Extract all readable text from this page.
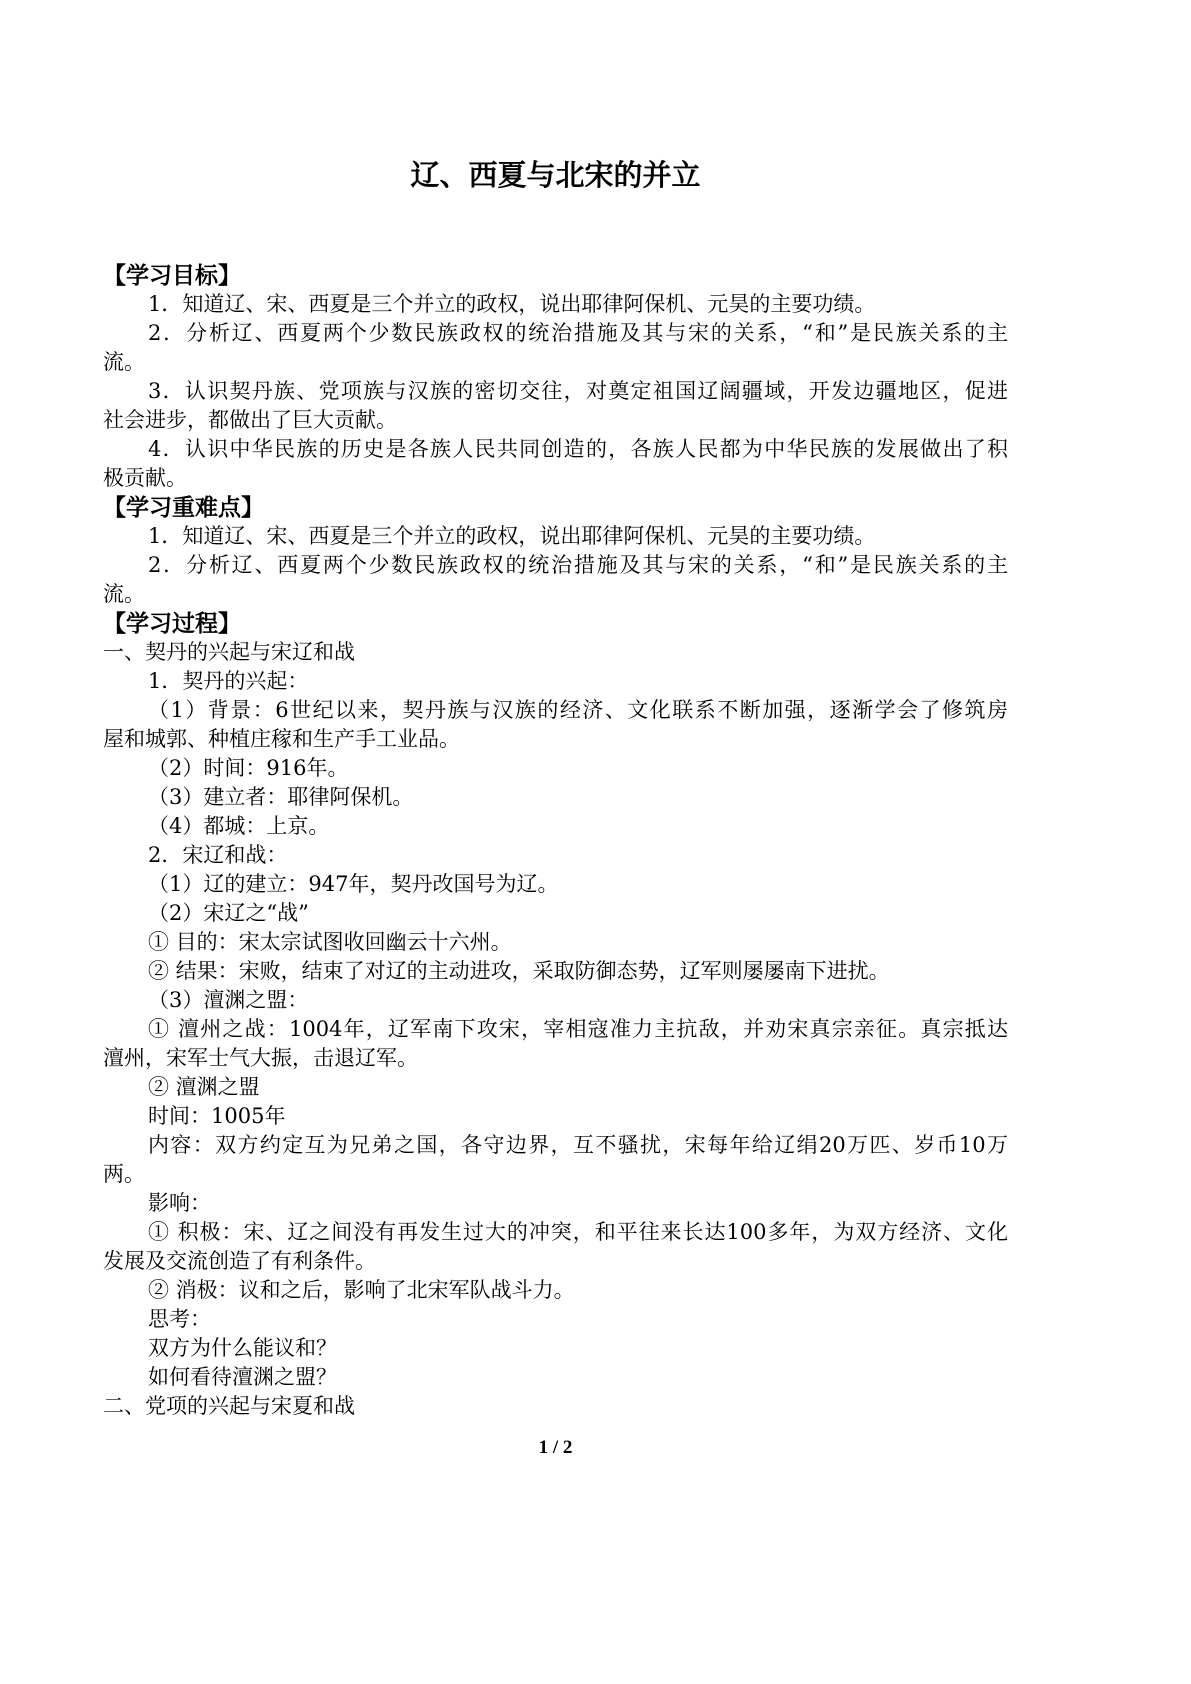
辽、西夏与北宋的并立
【学习目标】
1．知道辽、宋、西夏是三个并立的政权，说出耶律阿保机、元昊的主要功绩。
2．分析辽、西夏两个少数民族政权的统治措施及其与宋的关系，“和”是民族关系的主
流。
3．认识契丹族、党项族与汉族的密切交往，对奠定祖国辽阔疆域，开发边疆地区，促进
社会进步，都做出了巨大贡献。
4．认识中华民族的历史是各族人民共同创造的，各族人民都为中华民族的发展做出了积
极贡献。
【学习重难点】
1．知道辽、宋、西夏是三个并立的政权，说出耶律阿保机、元昊的主要功绩。
2．分析辽、西夏两个少数民族政权的统治措施及其与宋的关系，“和”是民族关系的主
流。
【学习过程】
一、契丹的兴起与宋辽和战
1．契丹的兴起：
（1）背景：6世纪以来，契丹族与汉族的经济、文化联系不断加强，逐渐学会了修筑房
屋和城郭、种植庄稼和生产手工业品。
（2）时间：916年。
（3）建立者：耶律阿保机。
（4）都城：上京。
2．宋辽和战：
（1）辽的建立：947年，契丹改国号为辽。
（2）宋辽之“战”
① 目的：宋太宗试图收回幽云十六州。
② 结果：宋败，结束了对辽的主动进攻，采取防御态势，辽军则屡屡南下进扰。
（3）澶渊之盟：
① 澶州之战：1004年，辽军南下攻宋，宰相寇准力主抗敌，并劝宋真宗亲征。真宗抵达
澶州，宋军士气大振，击退辽军。
② 澶渊之盟
时间：1005年
内容：双方约定互为兄弟之国，各守边界，互不骚扰，宋每年给辽绢20万匹、岁币10万
两。
影响：
① 积极：宋、辽之间没有再发生过大的冲突，和平往来长达100多年，为双方经济、文化
发展及交流创造了有利条件。
② 消极：议和之后，影响了北宋军队战斗力。
思考：
双方为什么能议和？
如何看待澶渊之盟？
二、党项的兴起与宋夏和战
1 / 2
